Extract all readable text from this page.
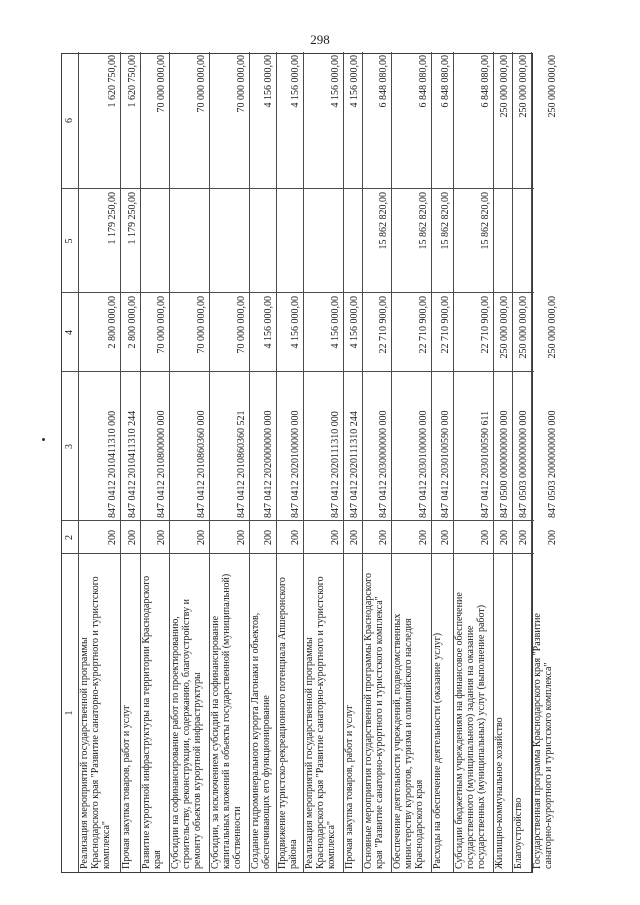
298
1
2
3
4
5
6
Реализация мероприятий государственной программы
Краснодарского края "Развитие санаторно-курортного и туристского
комплекса"
200
847 0412 2010411310 000
2 800 000,00
1 179 250,00
1 620 750,00
Прочая закупка товаров, работ и услуг
200
847 0412 2010411310 244
2 800 000,00
1 179 250,00
1 620 750,00
Развитие курортной инфраструктуры на территории Краснодарского
края
200
847 0412 2010800000 000
70 000 000,00
70 000 000,00
Субсидии на софинансирование работ по проектированию,
строительству, реконструкции, содержанию, благоустройству и
ремонту объектов курортной инфраструктуры
200
847 0412 2010860360 000
70 000 000,00
70 000 000,00
Субсидии, за исключением субсидий на софинансирование
капитальных вложений в объекты государственной (муниципальной)
собственности
200
847 0412 2010860360 521
70 000 000,00
70 000 000,00
Создание гидроминерального курорта Лагонаки и объектов,
обеспечивающих его функционирование
200
847 0412 2020000000 000
4 156 000,00
4 156 000,00
Продвижение туристско-рекреационного потенциала Апшеронского
района
200
847 0412 2020100000 000
4 156 000,00
4 156 000,00
Реализация мероприятий государственной программы
Краснодарского края "Развитие санаторно-курортного и туристского
комплекса"
200
847 0412 2020111310 000
4 156 000,00
4 156 000,00
Прочая закупка товаров, работ и услуг
200
847 0412 2020111310 244
4 156 000,00
4 156 000,00
Основные мероприятия государственной программы Краснодарского
края "Развитие санаторно-курортного и туристского комплекса"
200
847 0412 2030000000 000
22 710 900,00
15 862 820,00
6 848 080,00
Обеспечение деятельности учреждений, подведомственных
министерству курортов, туризма и олимпийского наследия
Краснодарского края
200
847 0412 2030100000 000
22 710 900,00
15 862 820,00
6 848 080,00
Расходы на обеспечение деятельности (оказание услуг)
200
847 0412 2030100590 000
22 710 900,00
15 862 820,00
6 848 080,00
Субсидии бюджетным учреждениям на финансовое обеспечение
государственного (муниципального) задания на оказание
государственных (муниципальных) услуг (выполнение работ)
200
847 0412 2030100590 611
22 710 900,00
15 862 820,00
6 848 080,00
Жилищно-коммунальное хозяйство
200
847 0500 0000000000 000
250 000 000,00
250 000 000,00
Благоустройство
200
847 0503 0000000000 000
250 000 000,00
250 000 000,00
Государственная программа Краснодарского края "Развитие
санаторно-курортного и туристского комплекса"
200
847 0503 2000000000 000
250 000 000,00
250 000 000,00
